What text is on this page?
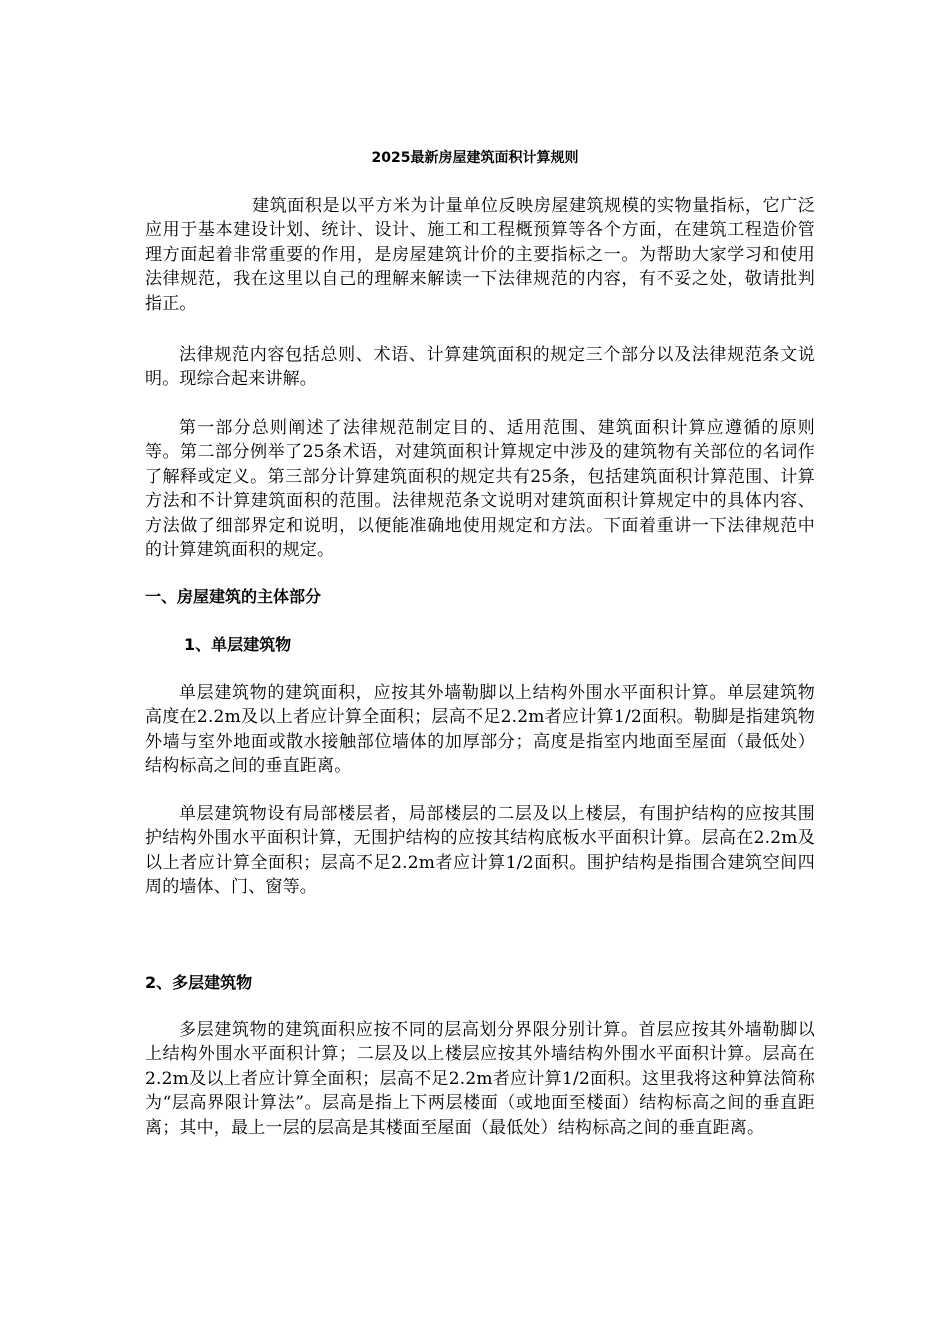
2025最新房屋建筑面积计算规则

建筑面积是以平方米为计量单位反映房屋建筑规模的实物量指标，它广泛应用于基本建设计划、统计、设计、施工和工程概预算等各个方面，在建筑工程造价管理方面起着非常重要的作用，是房屋建筑计价的主要指标之一。为帮助大家学习和使用法律规范，我在这里以自己的理解来解读一下法律规范的内容，有不妥之处，敬请批判指正。

法律规范内容包括总则、术语、计算建筑面积的规定三个部分以及法律规范条文说明。现综合起来讲解。

第一部分总则阐述了法律规范制定目的、适用范围、建筑面积计算应遵循的原则等。第二部分例举了25条术语，对建筑面积计算规定中涉及的建筑物有关部位的名词作了解释或定义。第三部分计算建筑面积的规定共有25条，包括建筑面积计算范围、计算方法和不计算建筑面积的范围。法律规范条文说明对建筑面积计算规定中的具体内容、方法做了细部界定和说明，以便能准确地使用规定和方法。下面着重讲一下法律规范中的计算建筑面积的规定。

一、房屋建筑的主体部分
1、单层建筑物

单层建筑物的建筑面积，应按其外墙勒脚以上结构外围水平面积计算。单层建筑物高度在2.2m及以上者应计算全面积；层高不足2.2m者应计算1/2面积。勒脚是指建筑物外墙与室外地面或散水接触部位墙体的加厚部分；高度是指室内地面至屋面（最低处）结构标高之间的垂直距离。

单层建筑物设有局部楼层者，局部楼层的二层及以上楼层，有围护结构的应按其围护结构外围水平面积计算，无围护结构的应按其结构底板水平面积计算。层高在2.2m及以上者应计算全面积；层高不足2.2m者应计算1/2面积。围护结构是指围合建筑空间四周的墙体、门、窗等。

2、多层建筑物

多层建筑物的建筑面积应按不同的层高划分界限分别计算。首层应按其外墙勒脚以上结构外围水平面积计算；二层及以上楼层应按其外墙结构外围水平面积计算。层高在2.2m及以上者应计算全面积；层高不足2.2m者应计算1/2面积。这里我将这种算法简称为“层高界限计算法”。层高是指上下两层楼面（或地面至楼面）结构标高之间的垂直距离；其中，最上一层的层高是其楼面至屋面（最低处）结构标高之间的垂直距离。
